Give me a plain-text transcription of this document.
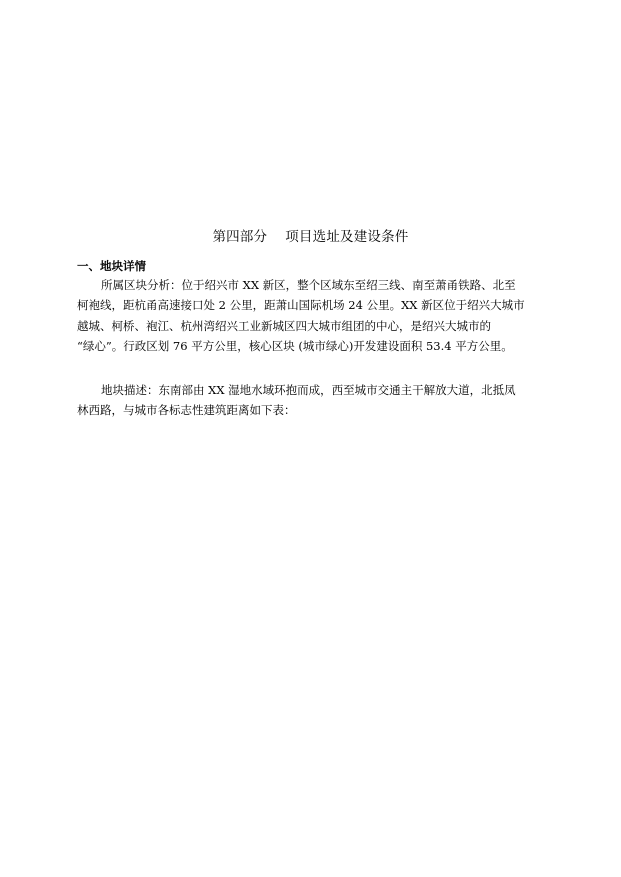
第四部分    项目选址及建设条件
一、地块详情
所属区块分析：位于绍兴市 XX 新区，整个区域东至绍三线、南至萧甬铁路、北至
柯袍线，距杭甬高速接口处 2 公里，距萧山国际机场 24 公里。XX 新区位于绍兴大城市
越城、柯桥、袍江、杭州湾绍兴工业新城区四大城市组团的中心，是绍兴大城市的
“绿心”。行政区划 76 平方公里，核心区块 (城市绿心)开发建设面积 53.4 平方公里。
地块描述：东南部由 XX 湿地水域环抱而成，西至城市交通主干解放大道，北抵凤
林西路，与城市各标志性建筑距离如下表：
